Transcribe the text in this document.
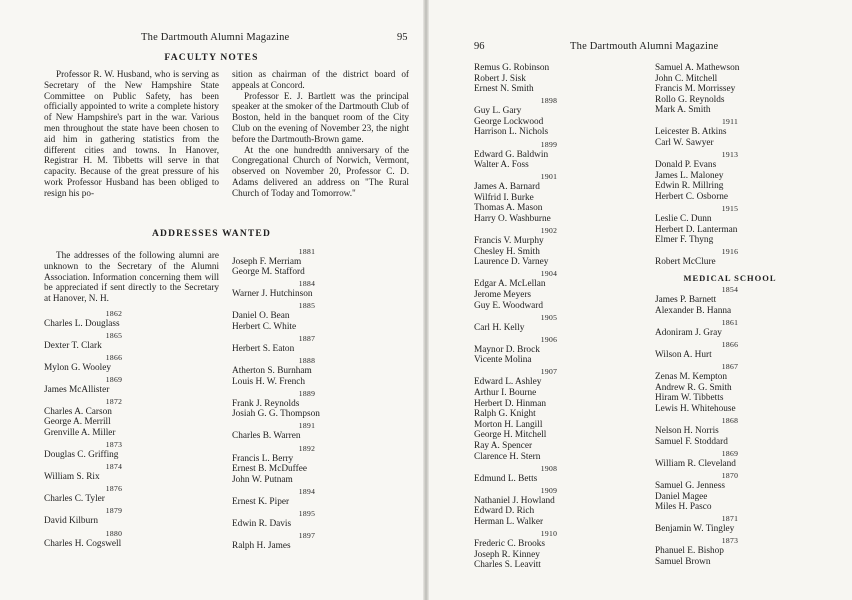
The Dartmouth Alumni Magazine	95
FACULTY NOTES

Professor R. W. Husband, who is serving as Secretary of the New Hampshire State Committee on Public Safety, has been officially appointed to write a complete history of New Hampshire's part in the war. Various men throughout the state have been chosen to aid him in gathering statistics from the different cities and towns. In Hanover, Registrar H. M. Tibbetts will serve in that capacity. Because of the great pressure of his work Professor Husband has been obliged to resign his po-

sition as chairman of the district board of appeals at Concord.

Professor E. J. Bartlett was the principal speaker at the smoker of the Dartmouth Club of Boston, held in the banquet room of the City Club on the evening of November 23, the night before the Dartmouth-Brown game.

At the one hundredth anniversary of the Congregational Church of Norwich, Vermont, observed on November 20, Professor C. D. Adams delivered an address on "The Rural Church of Today and Tomorrow."

ADDRESSES WANTED

The addresses of the following alumni are unknown to the Secretary of the Alumni Association. Information concerning them will be appreciated if sent directly to the Secretary at Hanover, N. H.

1862
Charles L. Douglass
1865
Dexter T. Clark
1866
Mylon G. Wooley
1869
James McAllister
1872
Charles A. Carson
George A. Merrill
Grenville A. Miller
1873
Douglas C. Griffing
1874
William S. Rix
1876
Charles C. Tyler
1879
David Kilburn
1880
Charles H. Cogswell
1881
Joseph F. Merriam
George M. Stafford
1884
Warner J. Hutchinson
1885
Daniel O. Bean
Herbert C. White
1887
Herbert S. Eaton
1888
Atherton S. Burnham
Louis H. W. French
1889
Frank J. Reynolds
Josiah G. G. Thompson
1891
Charles B. Warren
1892
Francis L. Berry
Ernest B. McDuffee
John W. Putnam
1894
Ernest K. Piper
1895
Edwin R. Davis
1897
Ralph H. James
96	The Dartmouth Alumni Magazine
Remus G. Robinson
Robert J. Sisk
Ernest N. Smith
1898
Guy L. Gary
George Lockwood
Harrison L. Nichols
1899
Edward G. Baldwin
Walter A. Foss
1901
James A. Barnard
Wilfrid I. Burke
Thomas A. Mason
Harry O. Washburne
1902
Francis V. Murphy
Chesley H. Smith
Laurence D. Varney
1904
Edgar A. McLellan
Jerome Meyers
Guy E. Woodward
1905
Carl H. Kelly
1906
Maynor D. Brock
Vicente Molina
1907
Edward L. Ashley
Arthur I. Bourne
Herbert D. Hinman
Ralph G. Knight
Morton H. Langill
George H. Mitchell
Ray A. Spencer
Clarence H. Stern
1908
Edmund L. Betts
1909
Nathaniel J. Howland
Edward D. Rich
Herman L. Walker
1910
Frederic C. Brooks
Joseph R. Kinney
Charles S. Leavitt
Samuel A. Mathewson
John C. Mitchell
Francis M. Morrissey
Rollo G. Reynolds
Mark A. Smith
1911
Leicester B. Atkins
Carl W. Sawyer
1913
Donald P. Evans
James L. Maloney
Edwin R. Millring
Herbert C. Osborne
1915
Leslie C. Dunn
Herbert D. Lanterman
Elmer F. Thyng
1916
Robert McClure
MEDICAL SCHOOL
1854
James P. Barnett
Alexander B. Hanna
1861
Adoniram J. Gray
1866
Wilson A. Hurt
1867
Zenas M. Kempton
Andrew R. G. Smith
Hiram W. Tibbetts
Lewis H. Whitehouse
1868
Nelson H. Norris
Samuel F. Stoddard
1869
William R. Cleveland
1870
Samuel G. Jenness
Daniel Magee
Miles H. Pasco
1871
Benjamin W. Tingley
1873
Phanuel E. Bishop
Samuel Brown
